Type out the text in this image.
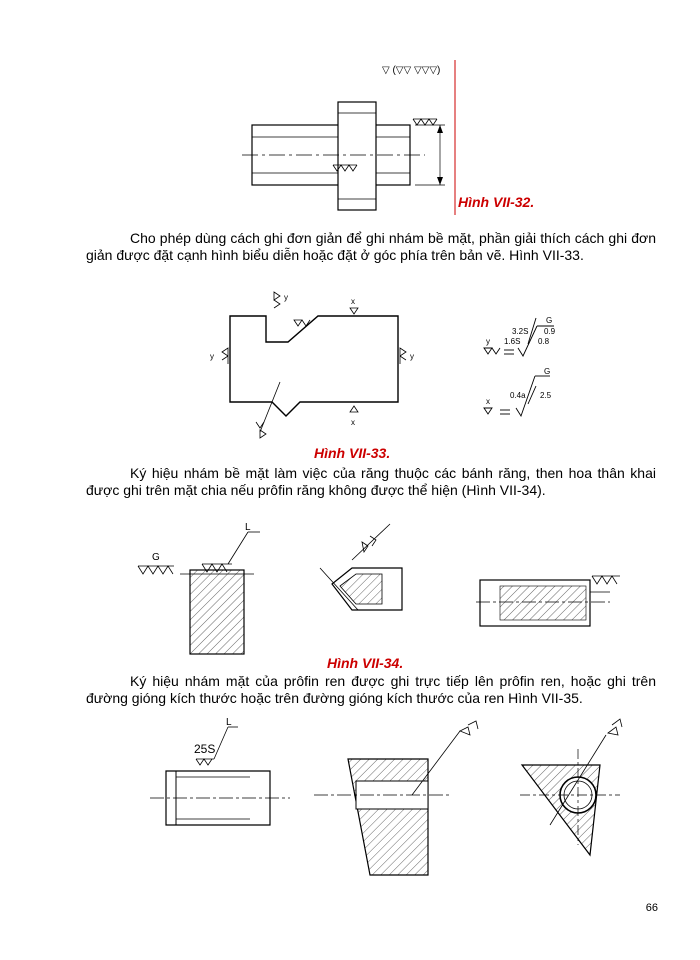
▽ (▽▽ ▽▽▽)
Hình VII-32.
Cho phép dùng cách ghi đơn giản để ghi nhám bề mặt, phần giải thích cách ghi đơn giản được đặt cạnh hình biểu diễn hoặc đặt ở góc phía trên bản vẽ. Hình VII-33.
x
x
y	y
y
y
G
3.2S 0.9
1.6S 0.8
x
G
0.4a 2.5
Hình VII-33.
Ký hiệu nhám bề mặt làm việc của răng thuộc các bánh răng, then hoa thân khai được ghi trên mặt chia nếu prôfin răng không được thể hiện (Hình VII-34).
G
L
Hình VII-34.
Ký hiệu nhám mặt của prôfin ren được ghi trực tiếp lên prôfin ren, hoặc ghi trên đường gióng kích thước hoặc trên đường gióng kích thước của ren Hình VII-35.
25S
L
66
